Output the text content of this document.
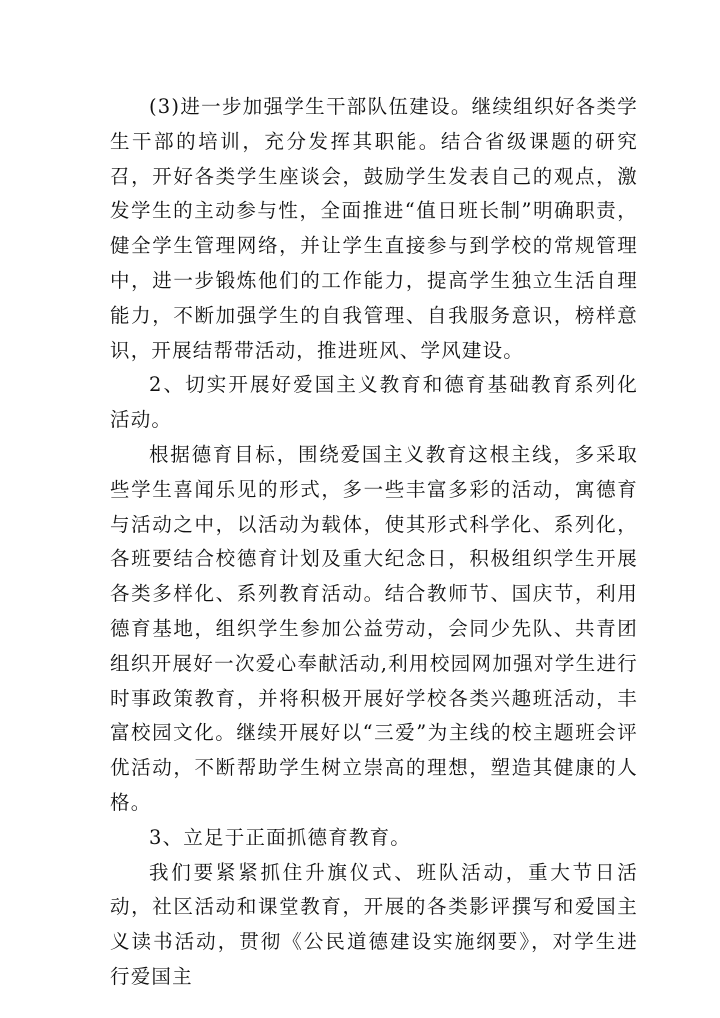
(3)进一步加强学生干部队伍建设。继续组织好各类学生干部的培训，充分发挥其职能。结合省级课题的研究召，开好各类学生座谈会，鼓励学生发表自己的观点，激发学生的主动参与性，全面推进“值日班长制”明确职责，健全学生管理网络，并让学生直接参与到学校的常规管理中，进一步锻炼他们的工作能力，提高学生独立生活自理能力，不断加强学生的自我管理、自我服务意识，榜样意识，开展结帮带活动，推进班风、学风建设。

2、切实开展好爱国主义教育和德育基础教育系列化活动。

根据德育目标，围绕爱国主义教育这根主线，多采取些学生喜闻乐见的形式，多一些丰富多彩的活动，寓德育与活动之中，以活动为载体，使其形式科学化、系列化，各班要结合校德育计划及重大纪念日，积极组织学生开展各类多样化、系列教育活动。结合教师节、国庆节，利用德育基地，组织学生参加公益劳动，会同少先队、共青团组织开展好一次爱心奉献活动,利用校园网加强对学生进行时事政策教育，并将积极开展好学校各类兴趣班活动，丰富校园文化。继续开展好以“三爱”为主线的校主题班会评优活动，不断帮助学生树立崇高的理想，塑造其健康的人格。

3、立足于正面抓德育教育。

我们要紧紧抓住升旗仪式、班队活动，重大节日活动，社区活动和课堂教育，开展的各类影评撰写和爱国主义读书活动，贯彻《公民道德建设实施纲要》，对学生进行爱国主
